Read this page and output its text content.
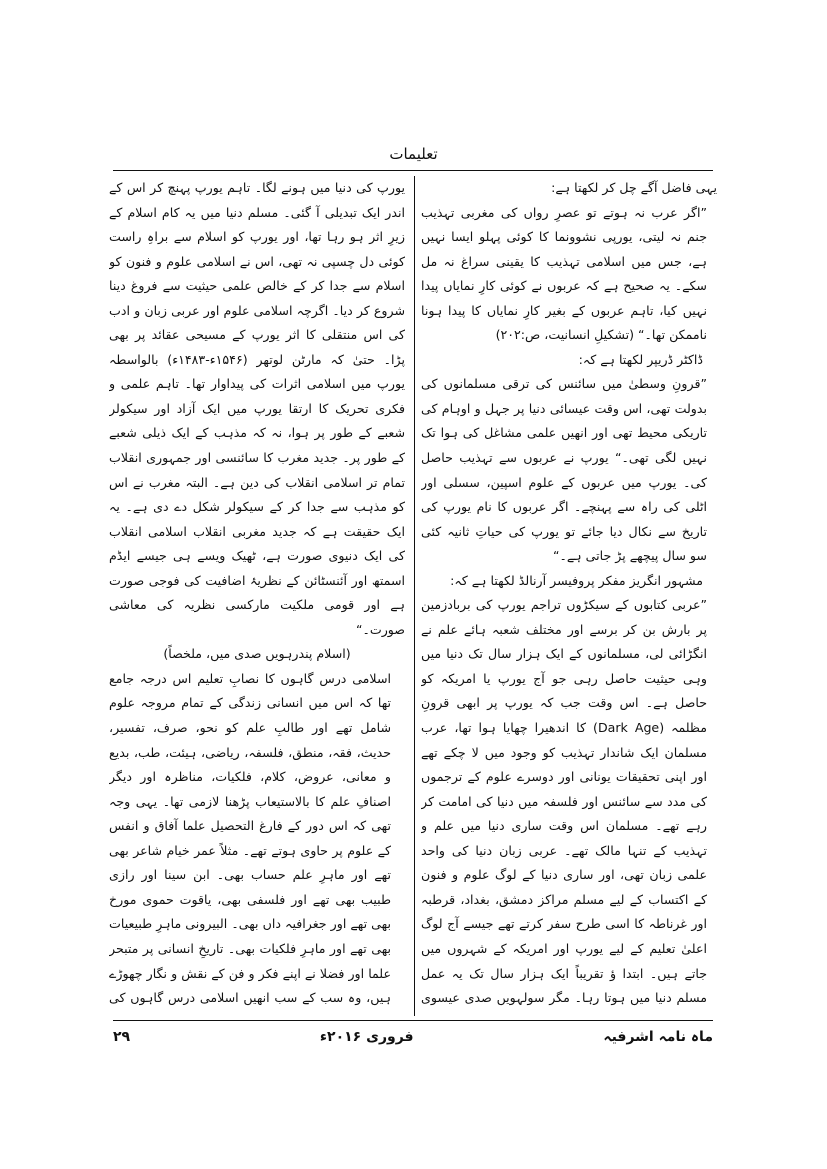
تعلیمات

یہی فاضل آگے چل کر لکھتا ہے:

”اگر عرب نہ ہوتے تو عصرِ رواں کی مغربی تہذیب جنم نہ لیتی، یورپی نشوونما کا کوئی پہلو ایسا نہیں ہے، جس میں اسلامی تہذیب کا یقینی سراغ نہ مل سکے۔ یہ صحیح ہے کہ عربوں نے کوئی کارِ نمایاں پیدا نہیں کیا، تاہم عربوں کے بغیر کارِ نمایاں کا پیدا ہونا ناممکن تھا۔“ (تشکیلِ انسانیت، ص:۲۰۲)

ڈاکٹر ڈریپر لکھتا ہے کہ:

”قرونِ وسطیٰ میں سائنس کی ترقی مسلمانوں کی بدولت تھی، اس وقت عیسائی دنیا پر جہل و اوہام کی تاریکی محیط تھی اور انھیں علمی مشاغل کی ہوا تک نہیں لگی تھی۔“ یورپ نے عربوں سے تہذیب حاصل کی۔ یورپ میں عربوں کے علوم اسپین، سسلی اور اٹلی کی راہ سے پہنچے۔ اگر عربوں کا نام یورپ کی تاریخ سے نکال دیا جائے تو یورپ کی حیاتِ ثانیہ کئی سو سال پیچھے پڑ جاتی ہے۔“

مشہور انگریز مفکر پروفیسر آرنالڈ لکھتا ہے کہ:

”عربی کتابوں کے سیکڑوں تراجم یورپ کی بربادزمین پر بارش بن کر برسے اور مختلف شعبہ ہائے علم نے انگڑائی لی، مسلمانوں کے ایک ہزار سال تک دنیا میں وہی حیثیت حاصل رہی جو آج یورپ یا امریکہ کو حاصل ہے۔ اس وقت جب کہ یورپ پر ابھی قرونِ مظلمہ (Dark Age) کا اندھیرا چھایا ہوا تھا، عرب مسلمان ایک شاندار تہذیب کو وجود میں لا چکے تھے اور اپنی تحقیقات یونانی اور دوسرے علوم کے ترجموں کی مدد سے سائنس اور فلسفہ میں دنیا کی امامت کر رہے تھے۔ مسلمان اس وقت ساری دنیا میں علم و تہذیب کے تنہا مالک تھے۔ عربی زبان دنیا کی واحد علمی زبان تھی، اور ساری دنیا کے لوگ علوم و فنون کے اکتساب کے لیے مسلم مراکز دمشق، بغداد، قرطبہ اور غرناطہ کا اسی طرح سفر کرتے تھے جیسے آج لوگ اعلیٰ تعلیم کے لیے یورپ اور امریکہ کے شہروں میں جاتے ہیں۔ ابتدا ؤ تقریباً ایک ہزار سال تک یہ عمل مسلم دنیا میں ہوتا رہا۔ مگر سولہویں صدی عیسوی

یورپ کی دنیا میں ہونے لگا۔ تاہم یورپ پہنچ کر اس کے اندر ایک تبدیلی آ گئی۔ مسلم دنیا میں یہ کام اسلام کے زیرِ اثر ہو رہا تھا، اور یورپ کو اسلام سے براہِ راست کوئی دل چسپی نہ تھی، اس نے اسلامی علوم و فنون کو اسلام سے جدا کر کے خالص علمی حیثیت سے فروغ دینا شروع کر دیا۔ اگرچہ اسلامی علوم اور عربی زبان و ادب کی اس منتقلی کا اثر یورپ کے مسیحی عقائد پر بھی پڑا۔ حتیٰ کہ مارٹن لوتھر (۱۵۴۶ء-۱۴۸۳ء) بالواسطہ یورپ میں اسلامی اثرات کی پیداوار تھا۔ تاہم علمی و فکری تحریک کا ارتقا یورپ میں ایک آزاد اور سیکولر شعبے کے طور پر ہوا، نہ کہ مذہب کے ایک ذیلی شعبے کے طور پر۔ جدید مغرب کا سائنسی اور جمہوری انقلاب تمام تر اسلامی انقلاب کی دین ہے۔ البتہ مغرب نے اس کو مذہب سے جدا کر کے سیکولر شکل دے دی ہے۔ یہ ایک حقیقت ہے کہ جدید مغربی انقلاب اسلامی انقلاب کی ایک دنیوی صورت ہے، ٹھیک ویسے ہی جیسے ایڈم اسمتھ اور آئنسٹائن کے نظریۂ اضافیت کی فوجی صورت ہے اور قومی ملکیت مارکسی نظریہ کی معاشی صورت۔“

(اسلام پندرہویں صدی میں، ملخصاً)

اسلامی درس گاہوں کا نصابِ تعلیم اس درجہ جامع تھا کہ اس میں انسانی زندگی کے تمام مروجہ علوم شامل تھے اور طالبِ علم کو نحو، صرف، تفسیر، حدیث، فقہ، منطق، فلسفہ، ریاضی، ہیئت، طب، بدیع و معانی، عروض، کلام، فلکیات، مناظرہ اور دیگر اصنافِ علم کا بالاستیعاب پڑھنا لازمی تھا۔ یہی وجہ تھی کہ اس دور کے فارغ التحصیل علما آفاق و انفس کے علوم پر حاوی ہوتے تھے۔ مثلاً عمر خیام شاعر بھی تھے اور ماہرِ علم حساب بھی۔ ابن سینا اور رازی طبیب بھی تھے اور فلسفی بھی، یاقوت حموی مورخ بھی تھے اور جغرافیہ داں بھی۔ البیرونی ماہرِ طبیعیات بھی تھے اور ماہرِ فلکیات بھی۔ تاریخِ انسانی پر متبحر علما اور فضلا نے اپنے فکر و فن کے نقش و نگار چھوڑے ہیں، وہ سب کے سب انھیں اسلامی درس گاہوں کی

۲۹	فروری ۲۰۱۶ء	ماہ نامہ اشرفیہ
